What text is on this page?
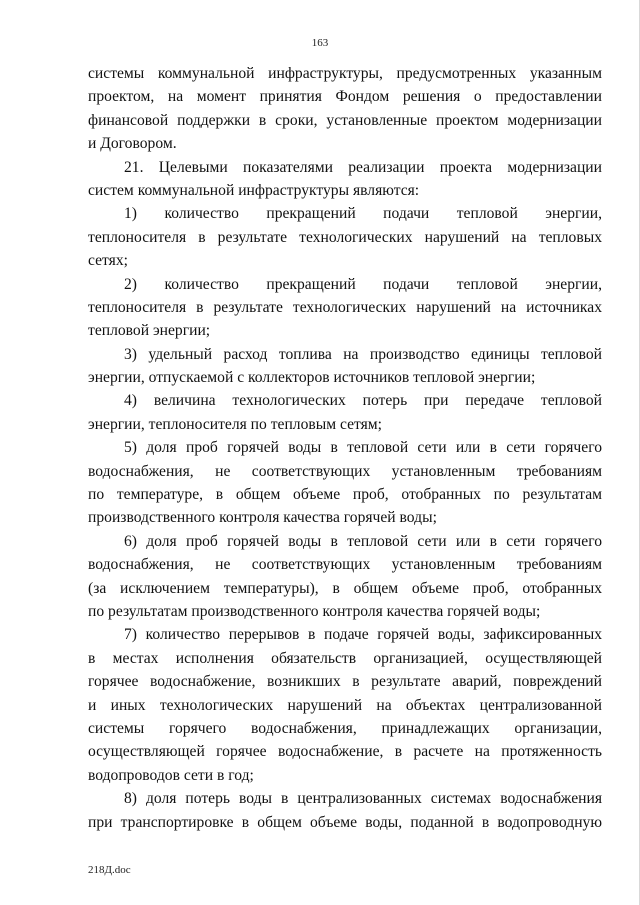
163
системы коммунальной инфраструктуры, предусмотренных указанным
проектом, на момент принятия Фондом решения о предоставлении
финансовой поддержки в сроки, установленные проектом модернизации
и Договором.
21. Целевыми показателями реализации проекта модернизации
систем коммунальной инфраструктуры являются:
1) количество прекращений подачи тепловой энергии,
теплоносителя в результате технологических нарушений на тепловых
сетях;
2) количество прекращений подачи тепловой энергии,
теплоносителя в результате технологических нарушений на источниках
тепловой энергии;
3) удельный расход топлива на производство единицы тепловой
энергии, отпускаемой с коллекторов источников тепловой энергии;
4) величина технологических потерь при передаче тепловой
энергии, теплоносителя по тепловым сетям;
5) доля проб горячей воды в тепловой сети или в сети горячего
водоснабжения, не соответствующих установленным требованиям
по температуре, в общем объеме проб, отобранных по результатам
производственного контроля качества горячей воды;
6) доля проб горячей воды в тепловой сети или в сети горячего
водоснабжения, не соответствующих установленным требованиям
(за исключением температуры), в общем объеме проб, отобранных
по результатам производственного контроля качества горячей воды;
7) количество перерывов в подаче горячей воды, зафиксированных
в местах исполнения обязательств организацией, осуществляющей
горячее водоснабжение, возникших в результате аварий, повреждений
и иных технологических нарушений на объектах централизованной
системы горячего водоснабжения, принадлежащих организации,
осуществляющей горячее водоснабжение, в расчете на протяженность
водопроводов сети в год;
8) доля потерь воды в централизованных системах водоснабжения
при транспортировке в общем объеме воды, поданной в водопроводную
218Д.doc
